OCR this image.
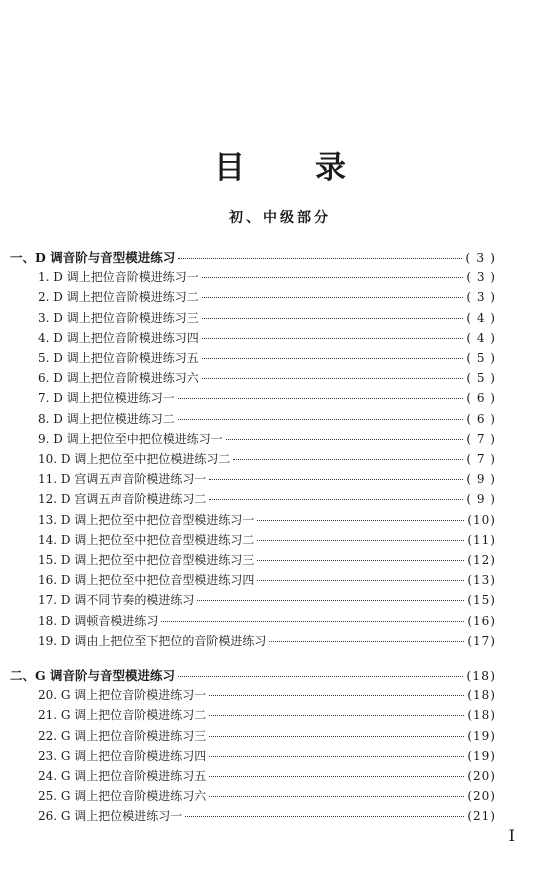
目 录
初、中级部分
一、D 调音阶与音型模进练习	( 3 )
1. D 调上把位音阶模进练习一	( 3 )
2. D 调上把位音阶模进练习二	( 3 )
3. D 调上把位音阶模进练习三	( 4 )
4. D 调上把位音阶模进练习四	( 4 )
5. D 调上把位音阶模进练习五	( 5 )
6. D 调上把位音阶模进练习六	( 5 )
7. D 调上把位模进练习一	( 6 )
8. D 调上把位模进练习二	( 6 )
9. D 调上把位至中把位模进练习一	( 7 )
10. D 调上把位至中把位模进练习二	( 7 )
11. D 宫调五声音阶模进练习一	( 9 )
12. D 宫调五声音阶模进练习二	( 9 )
13. D 调上把位至中把位音型模进练习一	(10)
14. D 调上把位至中把位音型模进练习二	(11)
15. D 调上把位至中把位音型模进练习三	(12)
16. D 调上把位至中把位音型模进练习四	(13)
17. D 调不同节奏的模进练习	(15)
18. D 调顿音模进练习	(16)
19. D 调由上把位至下把位的音阶模进练习	(17)
二、G 调音阶与音型模进练习	(18)
20. G 调上把位音阶模进练习一	(18)
21. G 调上把位音阶模进练习二	(18)
22. G 调上把位音阶模进练习三	(19)
23. G 调上把位音阶模进练习四	(19)
24. G 调上把位音阶模进练习五	(20)
25. G 调上把位音阶模进练习六	(20)
26. G 调上把位模进练习一	(21)
I
